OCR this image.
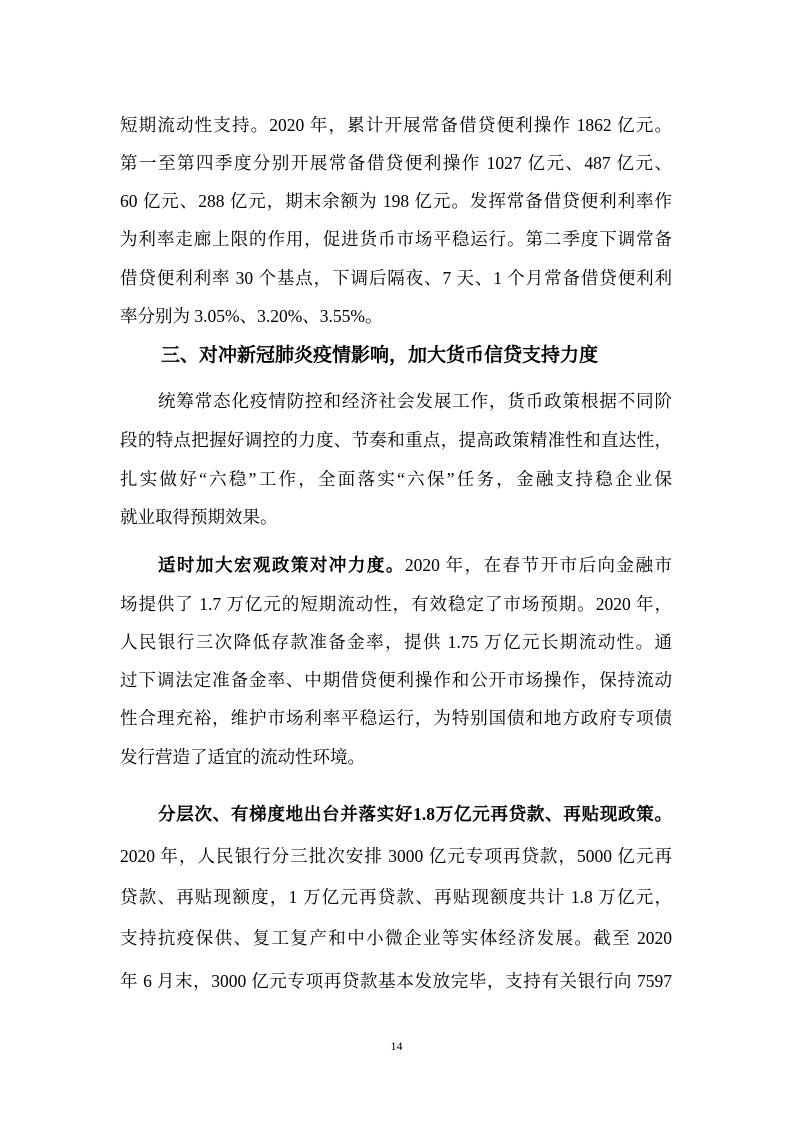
短期流动性支持。2020 年，累计开展常备借贷便利操作 1862 亿元。
第一至第四季度分别开展常备借贷便利操作 1027 亿元、487 亿元、
60 亿元、288 亿元，期末余额为 198 亿元。发挥常备借贷便利利率作
为利率走廊上限的作用，促进货币市场平稳运行。第二季度下调常备
借贷便利利率 30 个基点，下调后隔夜、7 天、1 个月常备借贷便利利
率分别为 3.05%、3.20%、3.55%。
三、对冲新冠肺炎疫情影响，加大货币信贷支持力度
统筹常态化疫情防控和经济社会发展工作，货币政策根据不同阶
段的特点把握好调控的力度、节奏和重点，提高政策精准性和直达性，
扎实做好“六稳”工作，全面落实“六保”任务，金融支持稳企业保
就业取得预期效果。
适时加大宏观政策对冲力度。2020 年，在春节开市后向金融市
场提供了 1.7 万亿元的短期流动性，有效稳定了市场预期。2020 年，
人民银行三次降低存款准备金率，提供 1.75 万亿元长期流动性。通
过下调法定准备金率、中期借贷便利操作和公开市场操作，保持流动
性合理充裕，维护市场利率平稳运行，为特别国债和地方政府专项债
发行营造了适宜的流动性环境。
分层次、有梯度地出台并落实好1.8万亿元再贷款、再贴现政策。
2020 年，人民银行分三批次安排 3000 亿元专项再贷款，5000 亿元再
贷款、再贴现额度，1 万亿元再贷款、再贴现额度共计 1.8 万亿元，
支持抗疫保供、复工复产和中小微企业等实体经济发展。截至 2020
年 6 月末，3000 亿元专项再贷款基本发放完毕，支持有关银行向 7597
14
